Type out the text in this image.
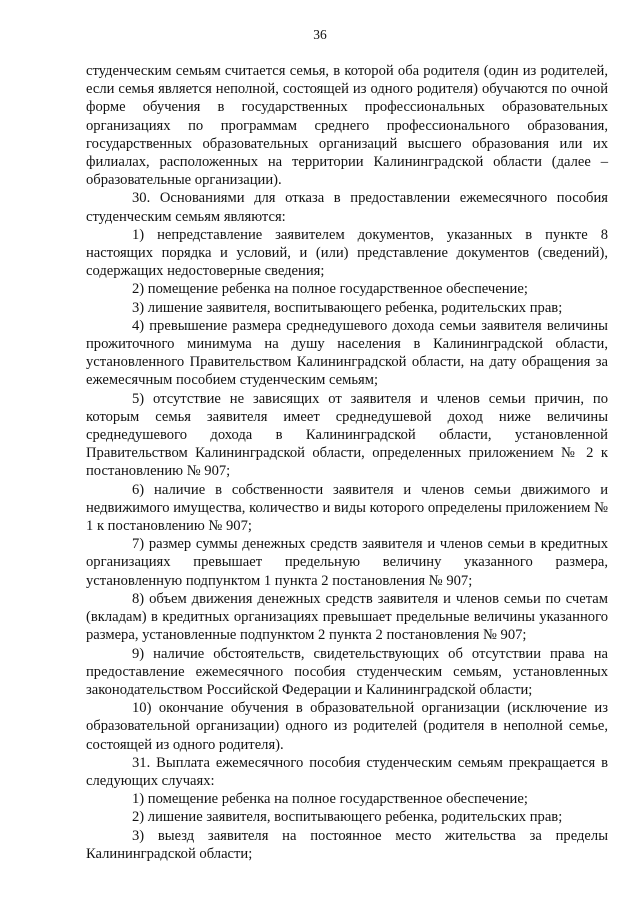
36

студенческим семьям считается семья, в которой оба родителя (один из родителей, если семья является неполной, состоящей из одного родителя) обучаются по очной форме обучения в государственных профессиональных образовательных организациях по программам среднего профессионального образования, государственных образовательных организаций высшего образования или их филиалах, расположенных на территории Калининградской области (далее – образовательные организации).

30. Основаниями для отказа в предоставлении ежемесячного пособия студенческим семьям являются:

1) непредставление заявителем документов, указанных в пункте 8 настоящих порядка и условий, и (или) представление документов (сведений), содержащих недостоверные сведения;

2) помещение ребенка на полное государственное обеспечение;

3) лишение заявителя, воспитывающего ребенка, родительских прав;

4) превышение размера среднедушевого дохода семьи заявителя величины прожиточного минимума на душу населения в Калининградской области, установленного Правительством Калининградской области, на дату обращения за ежемесячным пособием студенческим семьям;

5) отсутствие не зависящих от заявителя и членов семьи причин, по которым семья заявителя имеет среднедушевой доход ниже величины среднедушевого дохода в Калининградской области, установленной Правительством Калининградской области, определенных приложением № 2 к постановлению № 907;

6) наличие в собственности заявителя и членов семьи движимого и недвижимого имущества, количество и виды которого определены приложением № 1 к постановлению № 907;

7) размер суммы денежных средств заявителя и членов семьи в кредитных организациях превышает предельную величину указанного размера, установленную подпунктом 1 пункта 2 постановления № 907;

8) объем движения денежных средств заявителя и членов семьи по счетам (вкладам) в кредитных организациях превышает предельные величины указанного размера, установленные подпунктом 2 пункта 2 постановления № 907;

9) наличие обстоятельств, свидетельствующих об отсутствии права на предоставление ежемесячного пособия студенческим семьям, установленных законодательством Российской Федерации и Калининградской области;

10) окончание обучения в образовательной организации (исключение из образовательной организации) одного из родителей (родителя в неполной семье, состоящей из одного родителя).

31. Выплата ежемесячного пособия студенческим семьям прекращается в следующих случаях:

1) помещение ребенка на полное государственное обеспечение;

2) лишение заявителя, воспитывающего ребенка, родительских прав;

3) выезд заявителя на постоянное место жительства за пределы Калининградской области;
